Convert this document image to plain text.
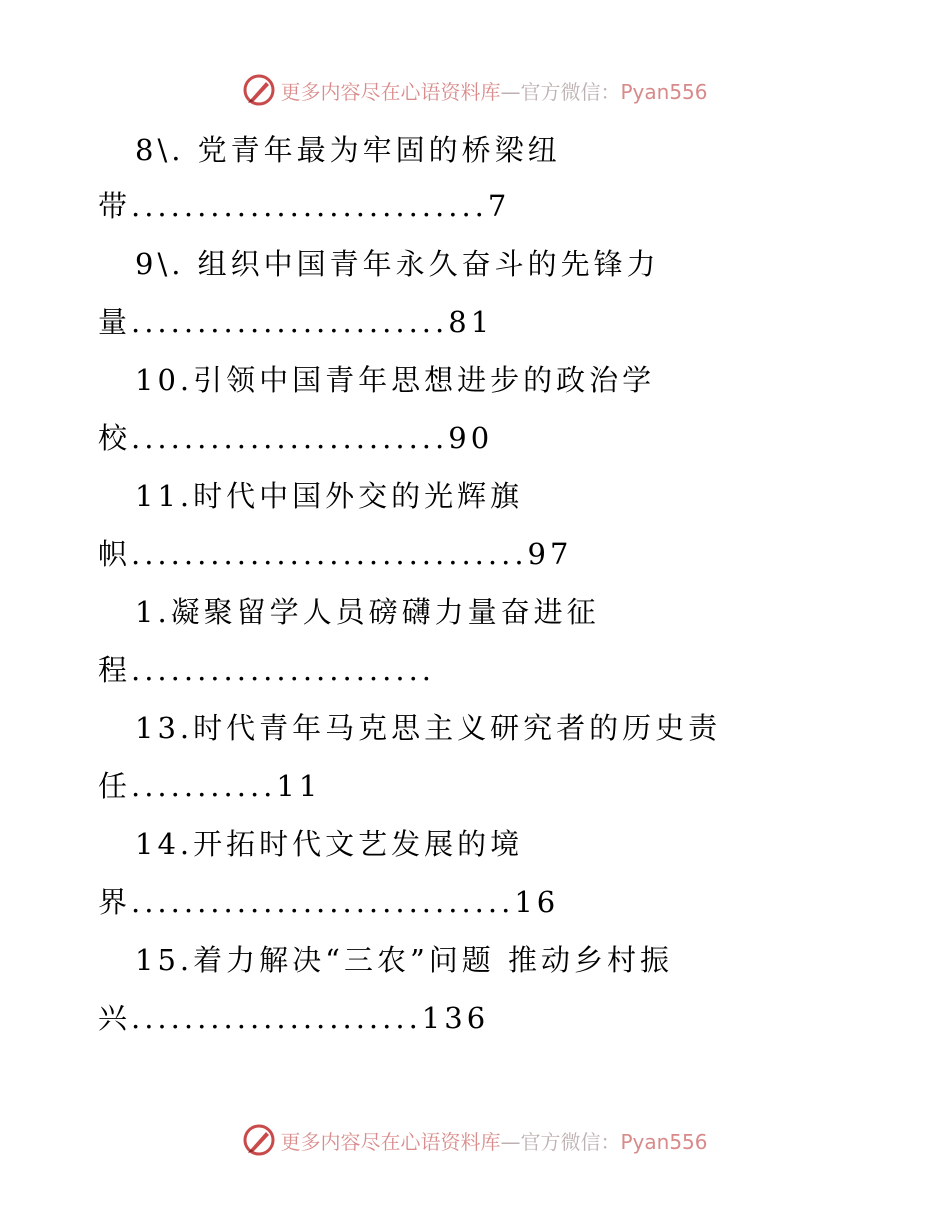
更多内容尽在心语资料库—官方微信：Pyan556
8\. 党青年最为牢固的桥梁纽
带...........................7
9\. 组织中国青年永久奋斗的先锋力
量........................81
10.引领中国青年思想进步的政治学
校........................90
11.时代中国外交的光辉旗
帜..............................97
1.凝聚留学人员磅礴力量奋进征
程.......................
13.时代青年马克思主义研究者的历史责
任...........11
14.开拓时代文艺发展的境
界.............................16
15.着力解决“三农”问题 推动乡村振
兴......................136
更多内容尽在心语资料库—官方微信：Pyan556
